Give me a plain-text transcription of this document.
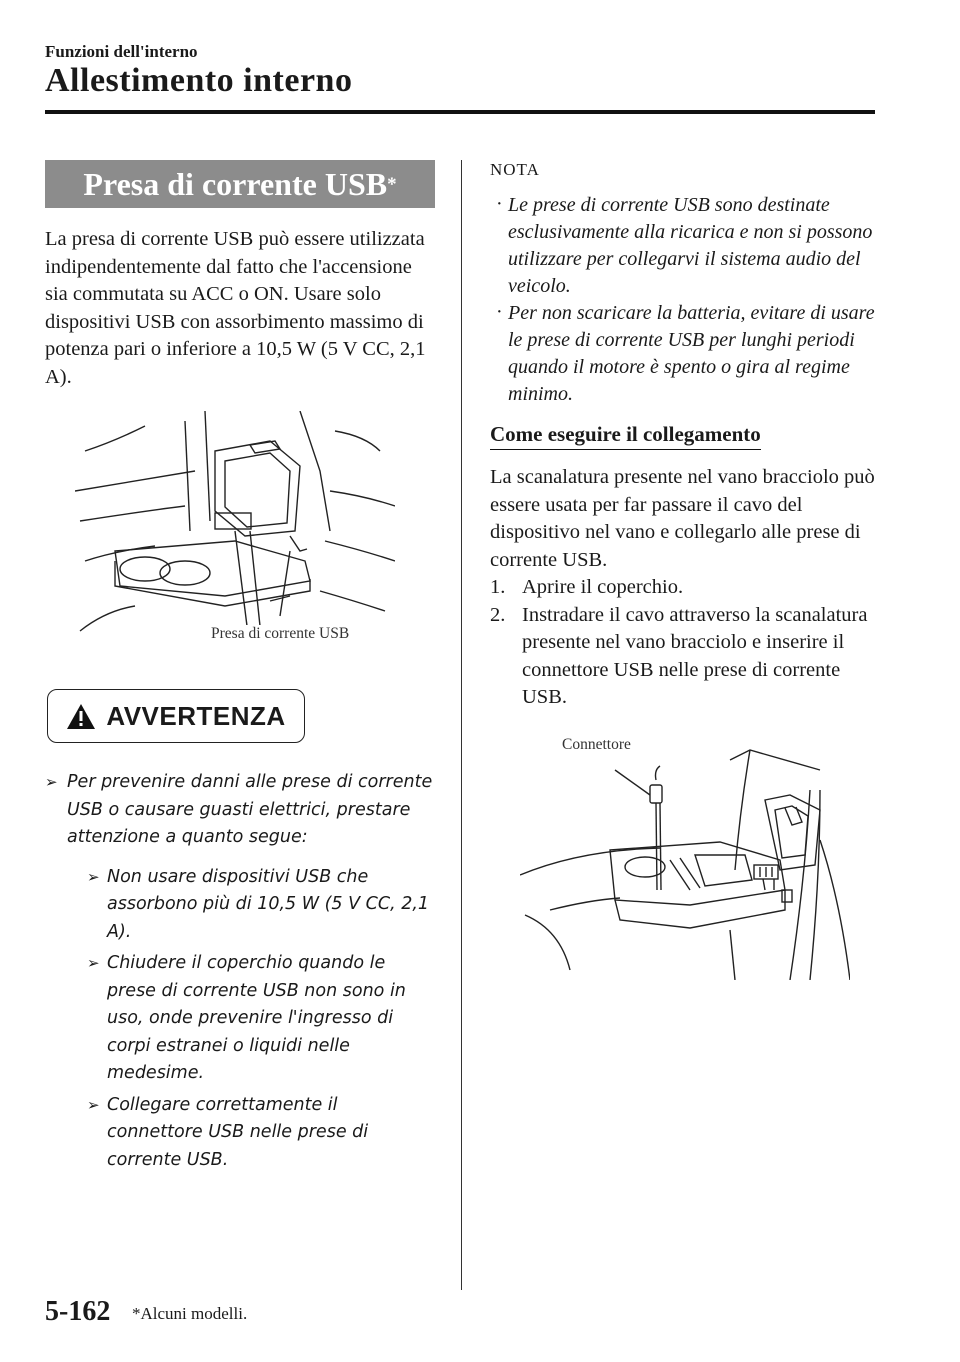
Funzioni dell'interno
Allestimento interno
Presa di corrente USB *
La presa di corrente USB può essere utilizzata indipendentemente dal fatto che l'accensione sia commutata su ACC o ON. Usare solo dispositivi USB con assorbimento massimo di potenza pari o inferiore a 10,5 W (5 V CC, 2,1 A).
Presa di corrente USB
AVVERTENZA
➢ Per prevenire danni alle prese di corrente USB o causare guasti elettrici, prestare attenzione a quanto segue:
➢ Non usare dispositivi USB che assorbono più di 10,5 W (5 V CC, 2,1 A).
➢ Chiudere il coperchio quando le prese di corrente USB non sono in uso, onde prevenire l'ingresso di corpi estranei o liquidi nelle medesime.
➢ Collegare correttamente il connettore USB nelle prese di corrente USB.
NOTA
· Le prese di corrente USB sono destinate esclusivamente alla ricarica e non si possono utilizzare per collegarvi il sistema audio del veicolo.
· Per non scaricare la batteria, evitare di usare le prese di corrente USB per lunghi periodi quando il motore è spento o gira al regime minimo.
Come eseguire il collegamento
La scanalatura presente nel vano bracciolo può essere usata per far passare il cavo del dispositivo nel vano e collegarlo alle prese di corrente USB.
1. Aprire il coperchio.
2. Instradare il cavo attraverso la scanalatura presente nel vano bracciolo e inserire il connettore USB nelle prese di corrente USB.
Connettore
5-162 *Alcuni modelli.
